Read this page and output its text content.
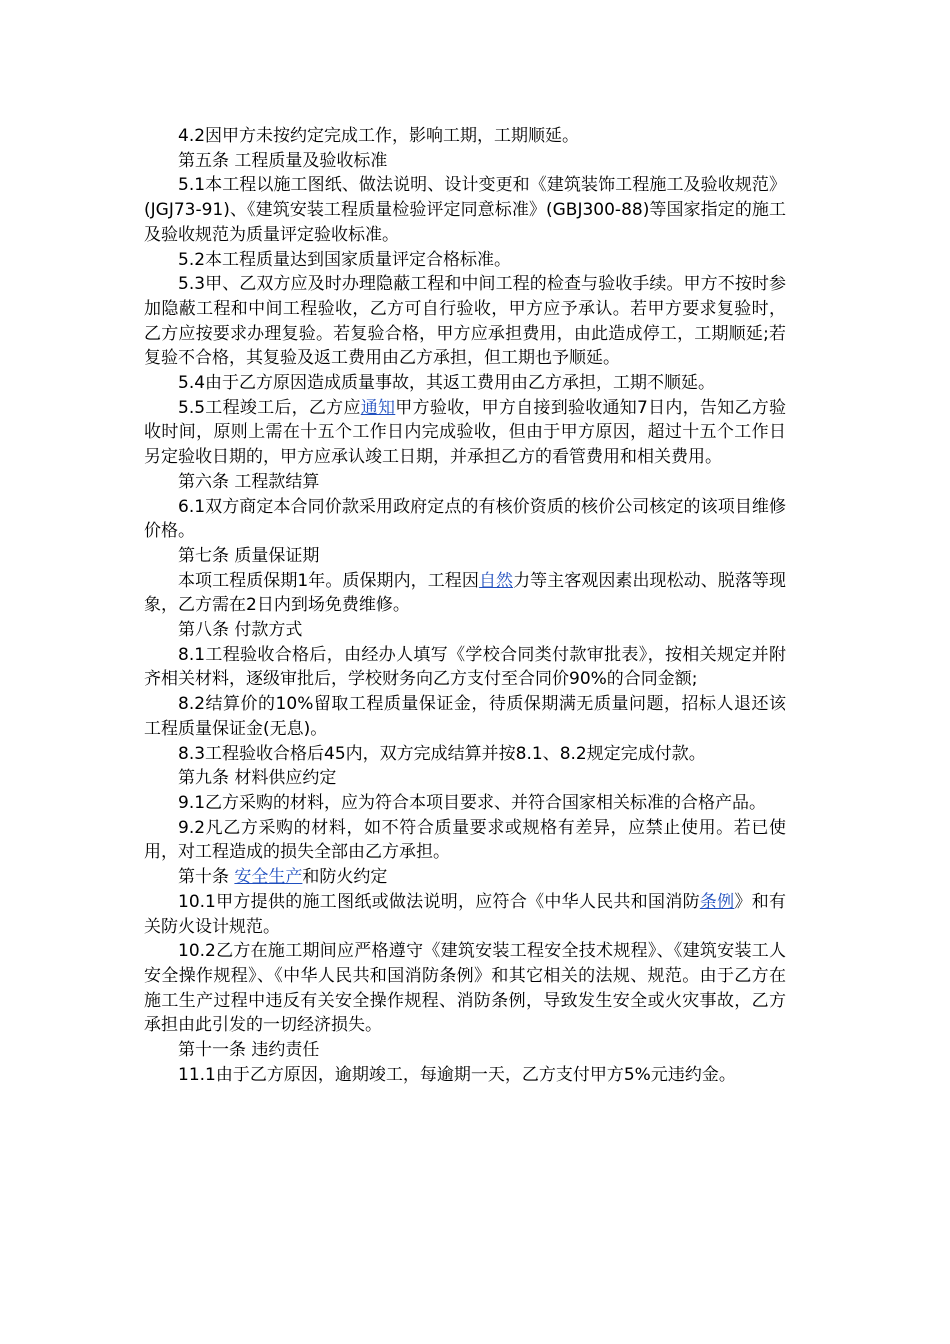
4.2因甲方未按约定完成工作，影响工期，工期顺延。

第五条 工程质量及验收标准

5.1本工程以施工图纸、做法说明、设计变更和《建筑装饰工程施工及验收规范》(JGJ73-91)、《建筑安装工程质量检验评定同意标准》(GBJ300-88)等国家指定的施工及验收规范为质量评定验收标准。

5.2本工程质量达到国家质量评定合格标准。

5.3甲、乙双方应及时办理隐蔽工程和中间工程的检查与验收手续。甲方不按时参加隐蔽工程和中间工程验收，乙方可自行验收，甲方应予承认。若甲方要求复验时，乙方应按要求办理复验。若复验合格，甲方应承担费用，由此造成停工，工期顺延;若复验不合格，其复验及返工费用由乙方承担，但工期也予顺延。

5.4由于乙方原因造成质量事故，其返工费用由乙方承担，工期不顺延。

5.5工程竣工后，乙方应通知甲方验收，甲方自接到验收通知7日内，告知乙方验收时间，原则上需在十五个工作日内完成验收，但由于甲方原因，超过十五个工作日另定验收日期的，甲方应承认竣工日期，并承担乙方的看管费用和相关费用。

第六条 工程款结算

6.1双方商定本合同价款采用政府定点的有核价资质的核价公司核定的该项目维修价格。

第七条 质量保证期

本项工程质保期1年。质保期内，工程因自然力等主客观因素出现松动、脱落等现象，乙方需在2日内到场免费维修。

第八条 付款方式

8.1工程验收合格后，由经办人填写《学校合同类付款审批表》，按相关规定并附齐相关材料，逐级审批后，学校财务向乙方支付至合同价90%的合同金额;

8.2结算价的10%留取工程质量保证金，待质保期满无质量问题，招标人退还该工程质量保证金(无息)。

8.3工程验收合格后45内，双方完成结算并按8.1、8.2规定完成付款。

第九条 材料供应约定

9.1乙方采购的材料，应为符合本项目要求、并符合国家相关标准的合格产品。

9.2凡乙方采购的材料，如不符合质量要求或规格有差异，应禁止使用。若已使用，对工程造成的损失全部由乙方承担。

第十条 安全生产和防火约定

10.1甲方提供的施工图纸或做法说明，应符合《中华人民共和国消防条例》和有关防火设计规范。

10.2乙方在施工期间应严格遵守《建筑安装工程安全技术规程》、《建筑安装工人安全操作规程》、《中华人民共和国消防条例》和其它相关的法规、规范。由于乙方在施工生产过程中违反有关安全操作规程、消防条例，导致发生安全或火灾事故，乙方承担由此引发的一切经济损失。

第十一条 违约责任

11.1由于乙方原因，逾期竣工，每逾期一天，乙方支付甲方5%元违约金。
